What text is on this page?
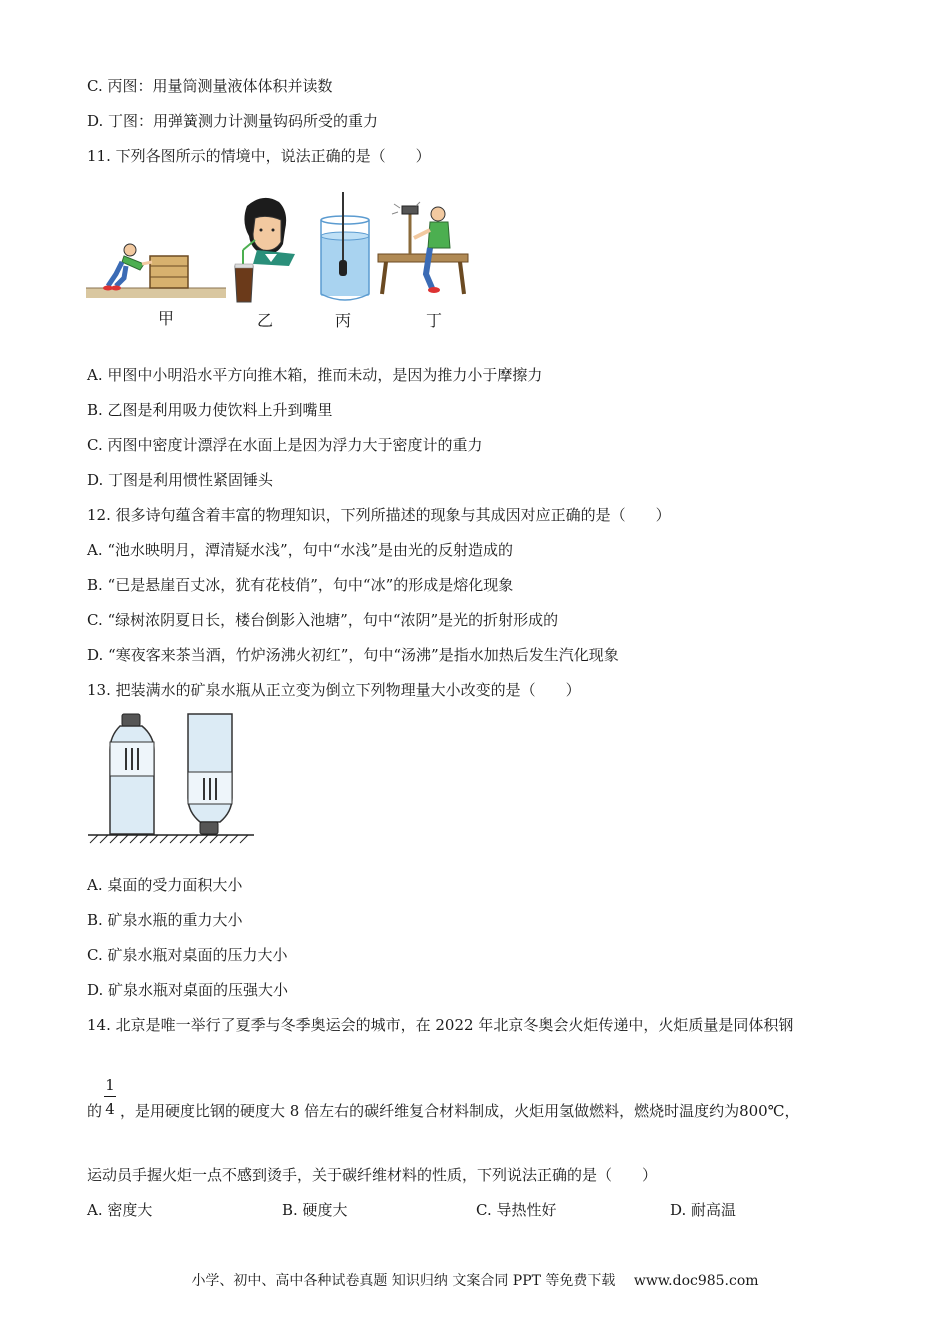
C. 丙图：用量筒测量液体体积并读数
D. 丁图：用弹簧测力计测量钩码所受的重力
11. 下列各图所示的情境中，说法正确的是（　　）
甲	乙	丙	丁
A. 甲图中小明沿水平方向推木箱，推而未动，是因为推力小于摩擦力
B. 乙图是利用吸力使饮料上升到嘴里
C. 丙图中密度计漂浮在水面上是因为浮力大于密度计的重力
D. 丁图是利用惯性紧固锤头
12. 很多诗句蕴含着丰富的物理知识，下列所描述的现象与其成因对应正确的是（　　）
A. “池水映明月，潭清疑水浅”，句中“水浅”是由光的反射造成的
B. “已是悬崖百丈冰，犹有花枝俏”，句中“冰”的形成是熔化现象
C. “绿树浓阴夏日长，楼台倒影入池塘”，句中“浓阴”是光的折射形成的
D. “寒夜客来茶当酒，竹炉汤沸火初红”，句中“汤沸”是指水加热后发生汽化现象
13. 把装满水的矿泉水瓶从正立变为倒立下列物理量大小改变的是（　　）
A. 桌面的受力面积大小
B. 矿泉水瓶的重力大小
C. 矿泉水瓶对桌面的压力大小
D. 矿泉水瓶对桌面的压强大小
14. 北京是唯一举行了夏季与冬季奥运会的城市，在 2022 年北京冬奥会火炬传递中，火炬质量是同体积钢
1
4
的 ，是用硬度比钢的硬度大 8 倍左右的碳纤维复合材料制成，火炬用氢做燃料，燃烧时温度约为800℃，
运动员手握火炬一点不感到烫手，关于碳纤维材料的性质，下列说法正确的是（　　）
A. 密度大	B. 硬度大	C. 导热性好	D. 耐高温
小学、初中、高中各种试卷真题 知识归纳 文案合同 PPT 等免费下载　 www.doc985.com
